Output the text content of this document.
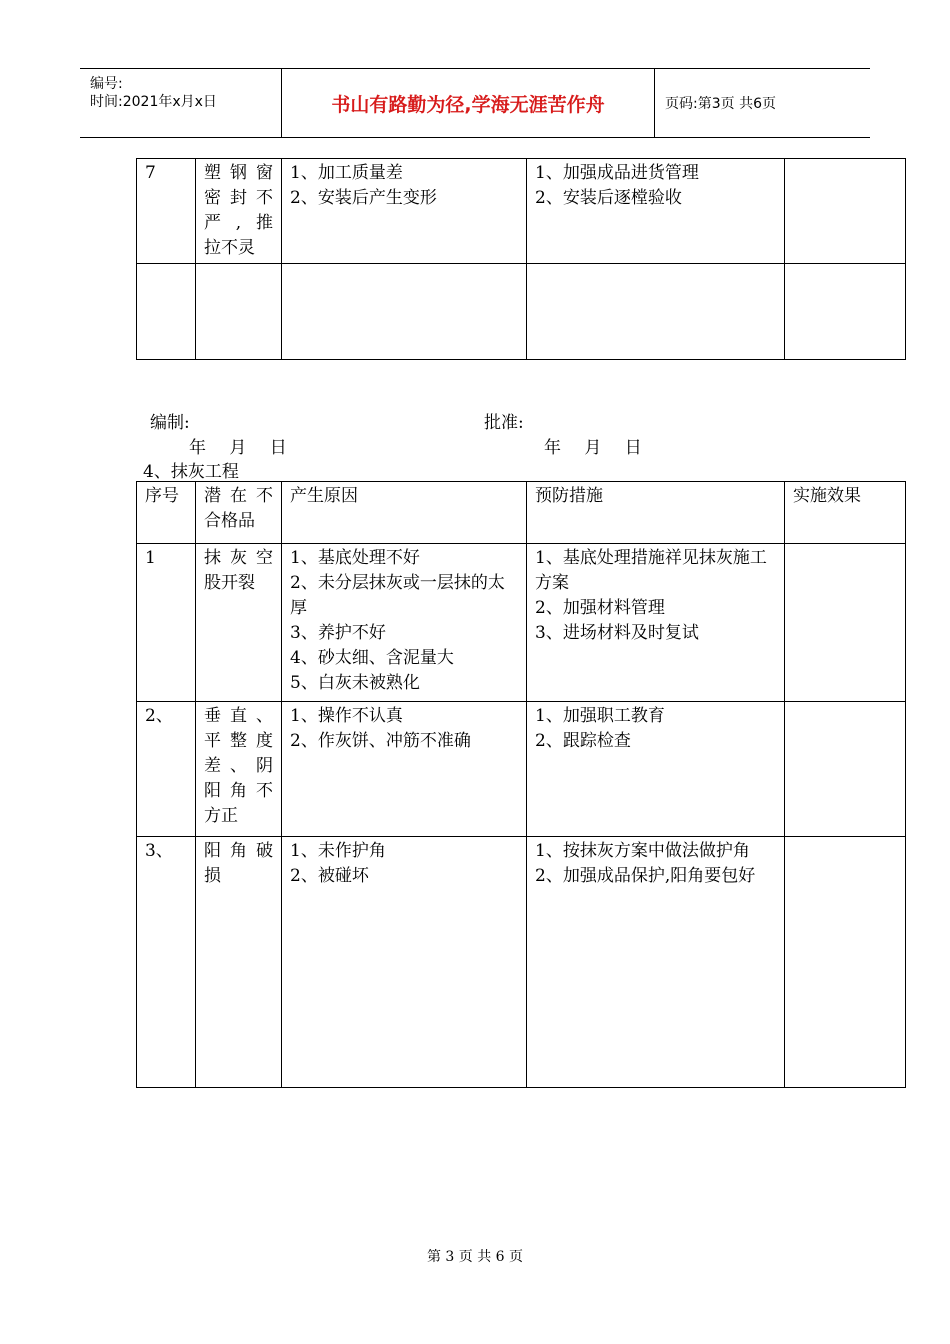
编号:
时间:2021年x月x日	书山有路勤为径,学海无涯苦作舟	页码:第3页 共6页
7	塑钢窗
密封不
严,推
拉不灵	1、加工质量差
2、安装后产生变形	1、加强成品进货管理
2、安装后逐樘验收	

编制:	批准:
年 月 日	年 月 日
4、抹灰工程
序号	潜在不
合格品	产生原因	预防措施	实施效果
1	抹灰空
股开裂	1、基底处理不好
2、未分层抹灰或一层抹的太厚
3、养护不好
4、砂太细、含泥量大
5、白灰未被熟化	1、基底处理措施祥见抹灰施工方案
2、加强材料管理
3、进场材料及时复试	

2、	垂直、
平整度
差、阴
阳角不
方正	1、操作不认真
2、作灰饼、冲筋不准确	1、加强职工教育
2、跟踪检查	

3、	阳角破
损	1、未作护角
2、被碰坏	1、按抹灰方案中做法做护角
2、加强成品保护,阳角要包好	

第 3 页 共 6 页
